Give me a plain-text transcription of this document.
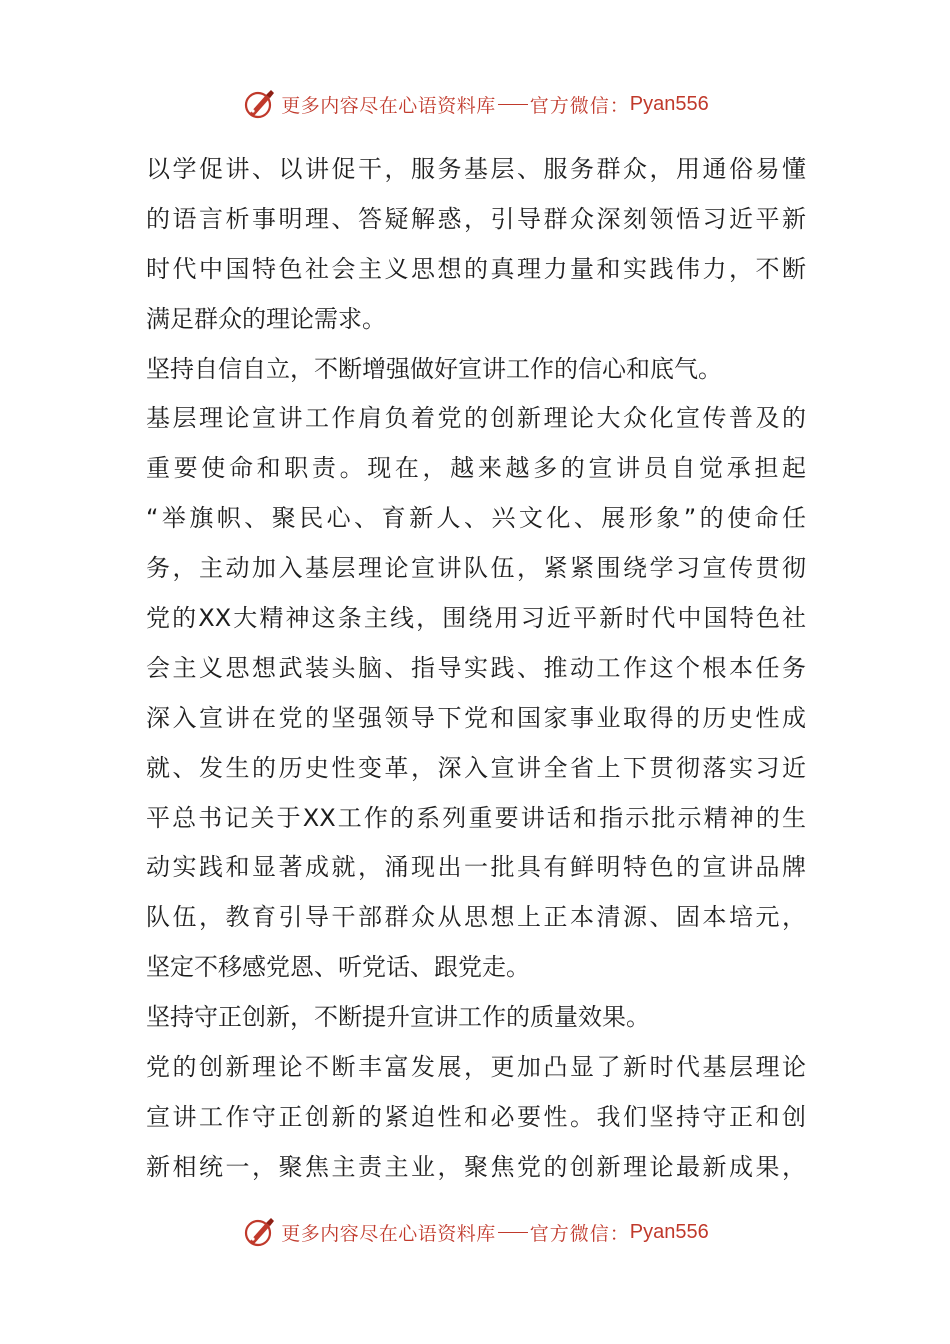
更多内容尽在心语资料库 官方微信： Pyan556
以学促讲、以讲促干，服务基层、服务群众，用通俗易懂
的语言析事明理、答疑解惑，引导群众深刻领悟习近平新
时代中国特色社会主义思想的真理力量和实践伟力，不断
满足群众的理论需求。
坚持自信自立，不断增强做好宣讲工作的信心和底气。
基层理论宣讲工作肩负着党的创新理论大众化宣传普及的
重要使命和职责。现在，越来越多的宣讲员自觉承担起
“举旗帜、聚民心、育新人、兴文化、展形象”的使命任
务，主动加入基层理论宣讲队伍，紧紧围绕学习宣传贯彻
党的XX大精神这条主线，围绕用习近平新时代中国特色社
会主义思想武装头脑、指导实践、推动工作这个根本任务
深入宣讲在党的坚强领导下党和国家事业取得的历史性成
就、发生的历史性变革，深入宣讲全省上下贯彻落实习近
平总书记关于XX工作的系列重要讲话和指示批示精神的生
动实践和显著成就，涌现出一批具有鲜明特色的宣讲品牌
队伍，教育引导干部群众从思想上正本清源、固本培元，
坚定不移感党恩、听党话、跟党走。
坚持守正创新，不断提升宣讲工作的质量效果。
党的创新理论不断丰富发展，更加凸显了新时代基层理论
宣讲工作守正创新的紧迫性和必要性。我们坚持守正和创
新相统一，聚焦主责主业，聚焦党的创新理论最新成果，
更多内容尽在心语资料库 官方微信： Pyan556
